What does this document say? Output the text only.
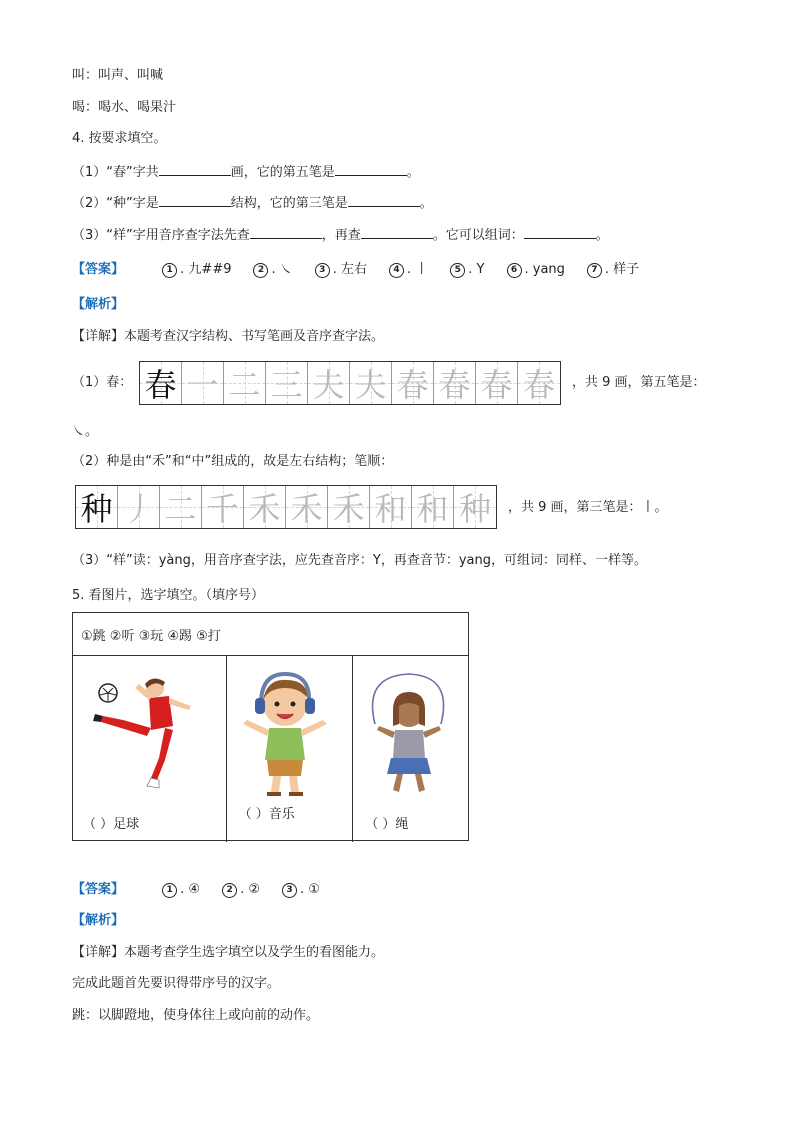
叫：叫声、叫喊
喝：喝水、喝果汁
4. 按要求填空。
（1）“春”字共	画，它的第五笔是	。
（2）“种”字是	结构，它的第三笔是	。
（3）“样”字用音序查字法先查	，再查	。它可以组词：	。
【答案】	1 . 九##9	2 . ㇏	3 . 左右	4 . 丨	5 . Y	6 . yang	7 . 样子
【解析】
【详解】本题考查汉字结构、书写笔画及音序查字法。
（1）春： 春 一 二 三 夫 夫 春 春 春 春 ，共 9 画，第五笔是：
㇏。
（2）种是由“禾”和“中”组成的，故是左右结构；笔顺：
种 丿 二 千 禾 禾 禾 和 和 种 ，共 9 画，第三笔是：丨。
（3）“样”读：yàng，用音序查字法，应先查音序：Y，再查音节：yang，可组词：同样、一样等。
5. 看图片，选字填空。（填序号）
①跳 ②听 ③玩 ④踢 ⑤打
（ ）足球
（ ）音乐
（ ）绳
【答案】	1 . ④	2 . ②	3 . ①
【解析】
【详解】本题考查学生选字填空以及学生的看图能力。
完成此题首先要识得带序号的汉字。
跳：以脚蹬地，使身体往上或向前的动作。
